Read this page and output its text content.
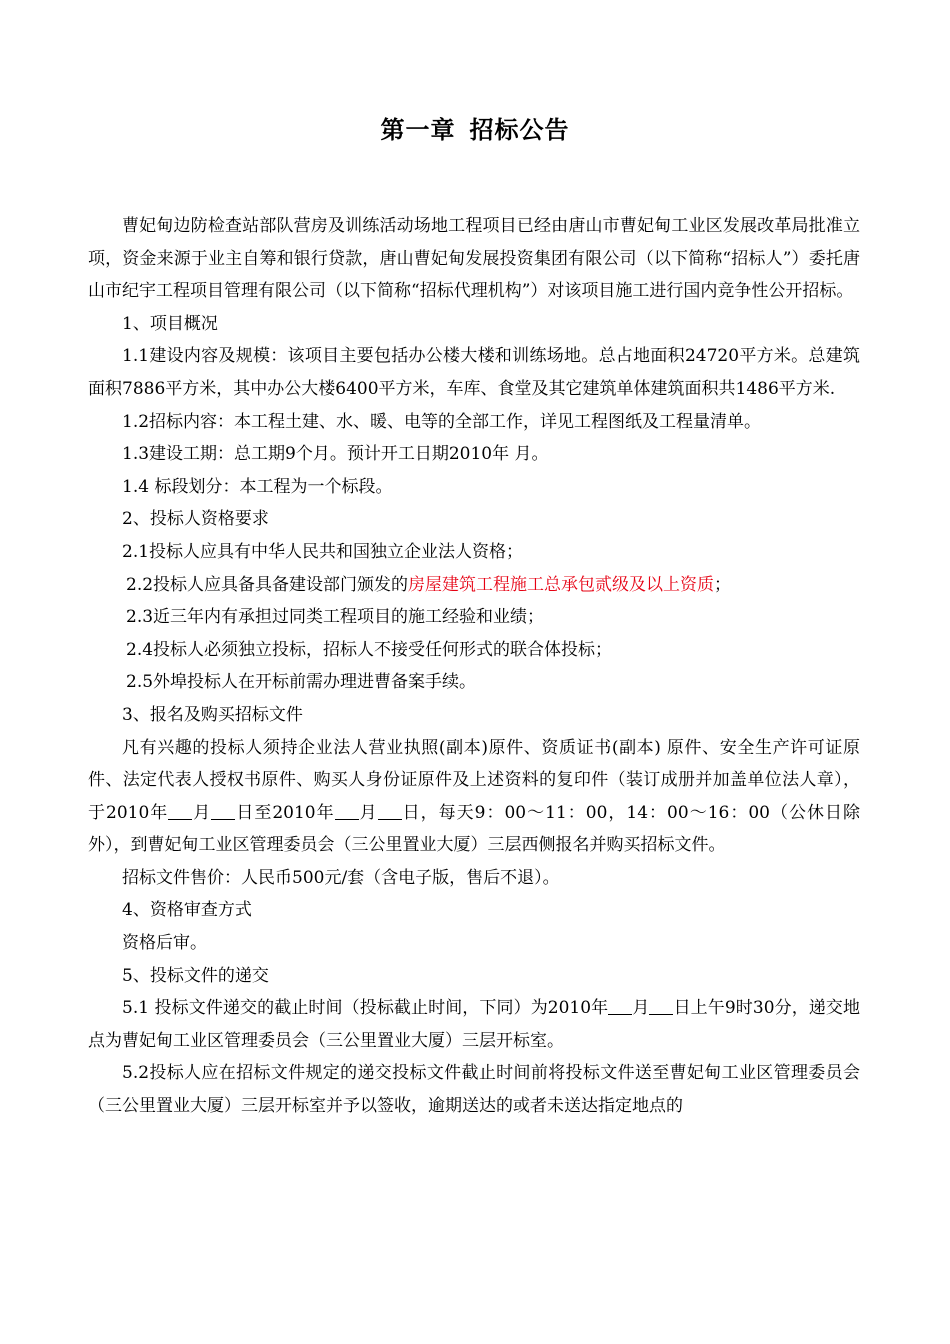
第一章 招标公告

曹妃甸边防检查站部队营房及训练活动场地工程项目已经由唐山市曹妃甸工业区发展改革局批准立项，资金来源于业主自筹和银行贷款，唐山曹妃甸发展投资集团有限公司（以下简称“招标人”）委托唐山市纪宇工程项目管理有限公司（以下简称“招标代理机构”）对该项目施工进行国内竞争性公开招标。

1、项目概况

1.1建设内容及规模：该项目主要包括办公楼大楼和训练场地。总占地面积24720平方米。总建筑面积7886平方米，其中办公大楼6400平方米，车库、食堂及其它建筑单体建筑面积共1486平方米.

1.2招标内容：本工程土建、水、暖、电等的全部工作，详见工程图纸及工程量清单。

1.3建设工期：总工期9个月。预计开工日期2010年 月。

1.4 标段划分：本工程为一个标段。

2、投标人资格要求

2.1投标人应具有中华人民共和国独立企业法人资格；

2.2投标人应具备具备建设部门颁发的房屋建筑工程施工总承包贰级及以上资质；

2.3近三年内有承担过同类工程项目的施工经验和业绩；

2.4投标人必须独立投标，招标人不接受任何形式的联合体投标；

2.5外埠投标人在开标前需办理进曹备案手续。

3、报名及购买招标文件

凡有兴趣的投标人须持企业法人营业执照(副本)原件、资质证书(副本) 原件、安全生产许可证原件、法定代表人授权书原件、购买人身份证原件及上述资料的复印件（装订成册并加盖单位法人章），于2010年 月 日至2010年 月 日，每天9：00～11：00，14：00～16：00（公休日除外），到曹妃甸工业区管理委员会（三公里置业大厦）三层西侧报名并购买招标文件。

招标文件售价：人民币500元/套（含电子版，售后不退）。

4、资格审查方式

资格后审。

5、投标文件的递交

5.1 投标文件递交的截止时间（投标截止时间，下同）为2010年 月 日上午9时30分，递交地点为曹妃甸工业区管理委员会（三公里置业大厦）三层开标室。

5.2投标人应在招标文件规定的递交投标文件截止时间前将投标文件送至曹妃甸工业区管理委员会（三公里置业大厦）三层开标室并予以签收，逾期送达的或者未送达指定地点的
